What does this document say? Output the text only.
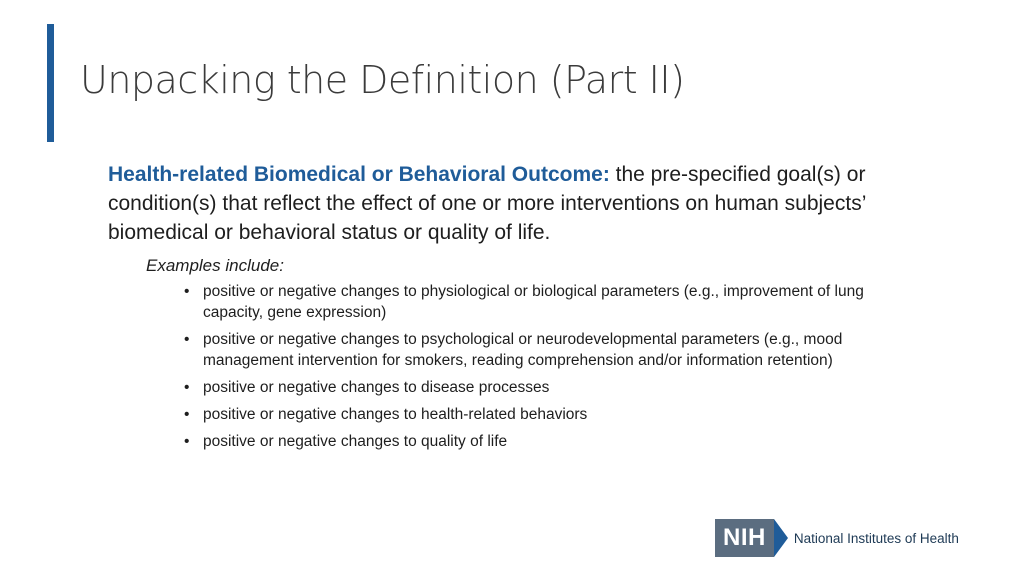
Unpacking the Definition (Part II)

Health-related Biomedical or Behavioral Outcome: the pre-specified goal(s) or condition(s) that reflect the effect of one or more interventions on human subjects’ biomedical or behavioral status or quality of life.

Examples include:
• positive or negative changes to physiological or biological parameters (e.g., improvement of lung capacity, gene expression)
• positive or negative changes to psychological or neurodevelopmental parameters (e.g., mood management intervention for smokers, reading comprehension and/or information retention)
• positive or negative changes to disease processes
• positive or negative changes to health-related behaviors
• positive or negative changes to quality of life
NIH	National Institutes of Health
